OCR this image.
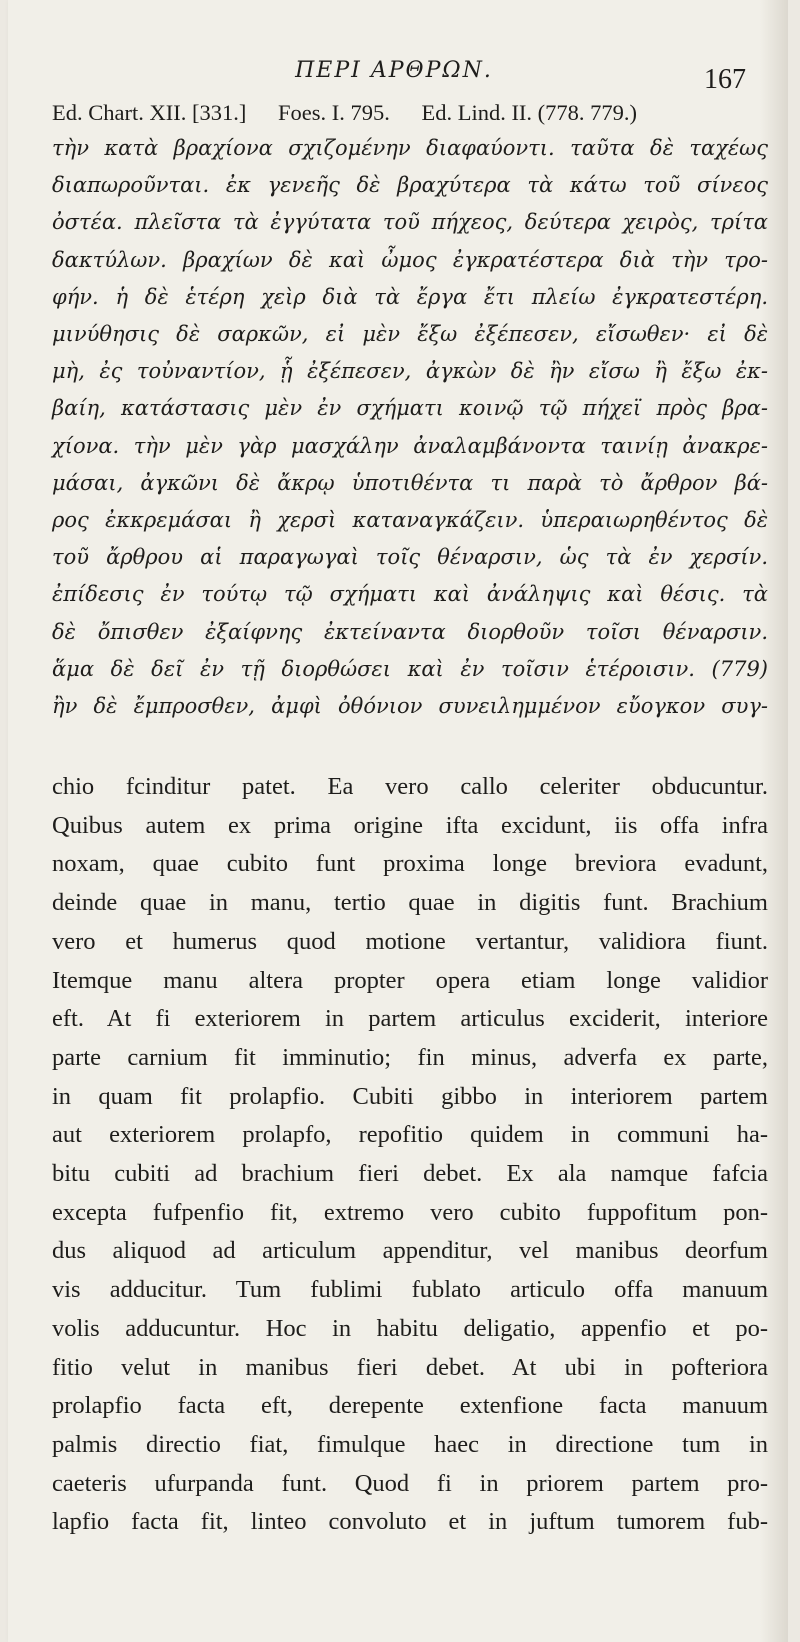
ΠΕΡΙ ΑΡΘΡΩΝ.	167
Ed. Chart. XII. [331.] Foes. I. 795. Ed. Lind. II. (778. 779.)
τὴν κατὰ βραχίονα σχιζομένην διαφαύοντι. ταῦτα δὲ ταχέως
διαπωροῦνται. ἐκ γενεῆς δὲ βραχύτερα τὰ κάτω τοῦ σίνεος
ὀστέα. πλεῖστα τὰ ἐγγύτατα τοῦ πήχεος, δεύτερα χειρὸς, τρίτα
δακτύλων. βραχίων δὲ καὶ ὦμος ἐγκρατέστερα διὰ τὴν τρο-
φήν. ἡ δὲ ἑτέρη χεὶρ διὰ τὰ ἔργα ἔτι πλείω ἐγκρατεστέρη.
μινύθησις δὲ σαρκῶν, εἰ μὲν ἔξω ἐξέπεσεν, εἴσωθεν· εἰ δὲ
μὴ, ἐς τοὐναντίον, ᾗ ἐξέπεσεν, ἀγκὼν δὲ ἢν εἴσω ἢ ἔξω ἐκ-
βαίη, κατάστασις μὲν ἐν σχήματι κοινῷ τῷ πήχεϊ πρὸς βρα-
χίονα. τὴν μὲν γὰρ μασχάλην ἀναλαμβάνοντα ταινίῃ ἀνακρε-
μάσαι, ἀγκῶνι δὲ ἄκρῳ ὑποτιθέντα τι παρὰ τὸ ἄρθρον βά-
ρος ἐκκρεμάσαι ἢ χερσὶ καταναγκάζειν. ὑπεραιωρηθέντος δὲ
τοῦ ἄρθρου αἱ παραγωγαὶ τοῖς θέναρσιν, ὡς τὰ ἐν χερσίν.
ἐπίδεσις ἐν τούτῳ τῷ σχήματι καὶ ἀνάληψις καὶ θέσις. τὰ
δὲ ὄπισθεν ἐξαίφνης ἐκτείναντα διορθοῦν τοῖσι θέναρσιν.
ἅμα δὲ δεῖ ἐν τῇ διορθώσει καὶ ἐν τοῖσιν ἑτέροισιν. (779)
ἢν δὲ ἔμπροσθεν, ἀμφὶ ὀθόνιον συνειλημμένον εὔογκον συγ-
chio fcinditur patet. Ea vero callo celeriter obducuntur.
Quibus autem ex prima origine ifta excidunt, iis offa infra
noxam, quae cubito funt proxima longe breviora evadunt,
deinde quae in manu, tertio quae in digitis funt. Brachium
vero et humerus quod motione vertantur, validiora fiunt.
Itemque manu altera propter opera etiam longe validior
eft. At fi exteriorem in partem articulus exciderit, interiore
parte carnium fit imminutio; fin minus, adverfa ex parte,
in quam fit prolapfio. Cubiti gibbo in interiorem partem
aut exteriorem prolapfo, repofitio quidem in communi ha-
bitu cubiti ad brachium fieri debet. Ex ala namque fafcia
excepta fufpenfio fit, extremo vero cubito fuppofitum pon-
dus aliquod ad articulum appenditur, vel manibus deorfum
vis adducitur. Tum fublimi fublato articulo offa manuum
volis adducuntur. Hoc in habitu deligatio, appenfio et po-
fitio velut in manibus fieri debet. At ubi in pofteriora
prolapfio facta eft, derepente extenfione facta manuum
palmis directio fiat, fimulque haec in directione tum in
caeteris ufurpanda funt. Quod fi in priorem partem pro-
lapfio facta fit, linteo convoluto et in juftum tumorem fub-
